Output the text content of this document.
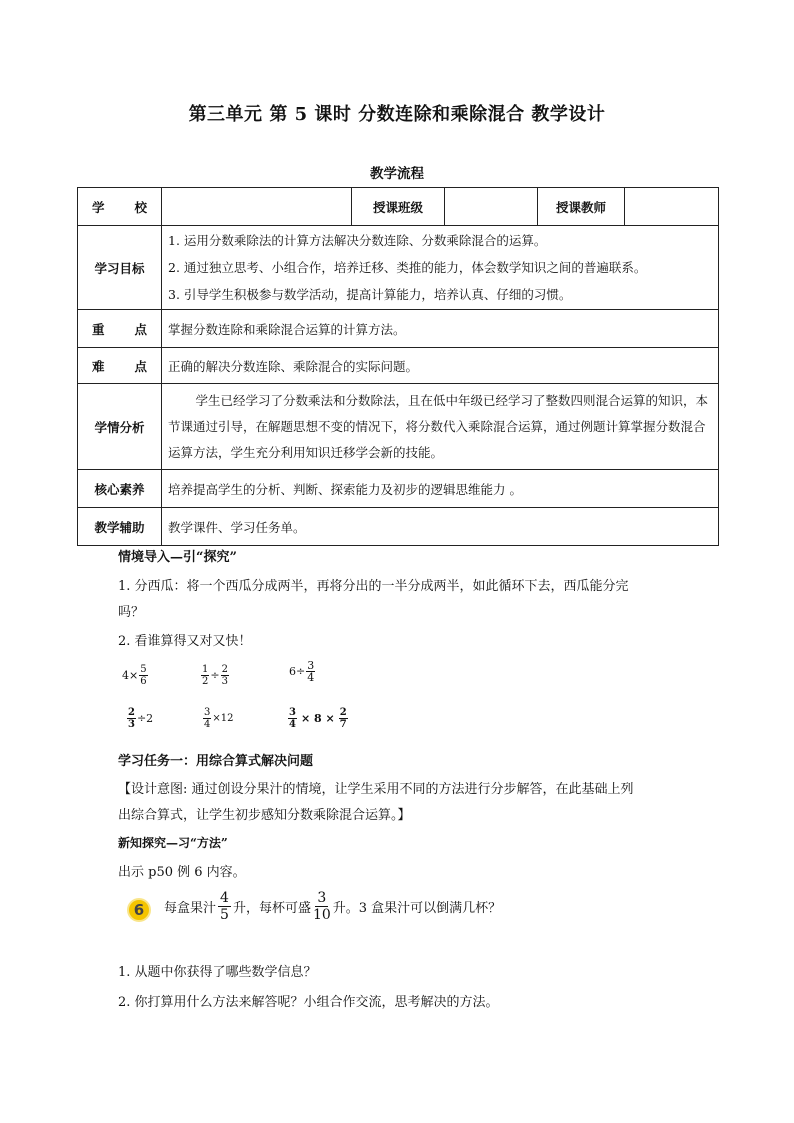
第三单元 第 5 课时 分数连除和乘除混合 教学设计
教学流程
学 校		授课班级		授课教师	
学习目标	1. 运用分数乘除法的计算方法解决分数连除、分数乘除混合的运算。
2. 通过独立思考、小组合作，培养迁移、类推的能力，体会数学知识之间的普遍联系。
3. 引导学生积极参与数学活动，提高计算能力，培养认真、仔细的习惯。				

重 点	掌握分数连除和乘除混合运算的计算方法。				

难 点	正确的解决分数连除、乘除混合的实际问题。				
学情分析	学生已经学习了分数乘法和分数除法，且在低中年级已经学习了整数四则混合运算的知识，本节课通过引导，在解题思想不变的情况下，将分数代入乘除混合运算，通过例题计算掌握分数混合运算方法，学生充分利用知识迁移学会新的技能。				

核心素养	培养提高学生的分析、判断、探索能力及初步的逻辑思维能力 。				
教学辅助	教学课件、学习任务单。				
情境导入—引“探究”
1. 分西瓜：将一个西瓜分成两半，再将分出的一半分成两半，如此循环下去，西瓜能分完
吗？
2. 看谁算得又对又快！
$4\times \frac{5}{6}$	$\frac{1}{2} \div \frac{2}{3}$	$6\div \frac{3}{4}$
$\frac{2}{3} \div 2$	$\frac{3}{4} \times 12$	$\frac{3}{4} \times 8 \times \frac{2}{7}$
学习任务一：用综合算式解决问题
【设计意图: 通过创设分果汁的情境，让学生采用不同的方法进行分步解答，在此基础上列
出综合算式，让学生初步感知分数乘除混合运算。】
新知探究—习“方法”
出示 p50 例 6 内容。
6	每盒果汁 $\frac{4}{5}$ 升，每杯可盛 $\frac{3}{10}$ 升。3 盒果汁可以倒满几杯？
1. 从题中你获得了哪些数学信息？
2. 你打算用什么方法来解答呢？小组合作交流，思考解决的方法。
